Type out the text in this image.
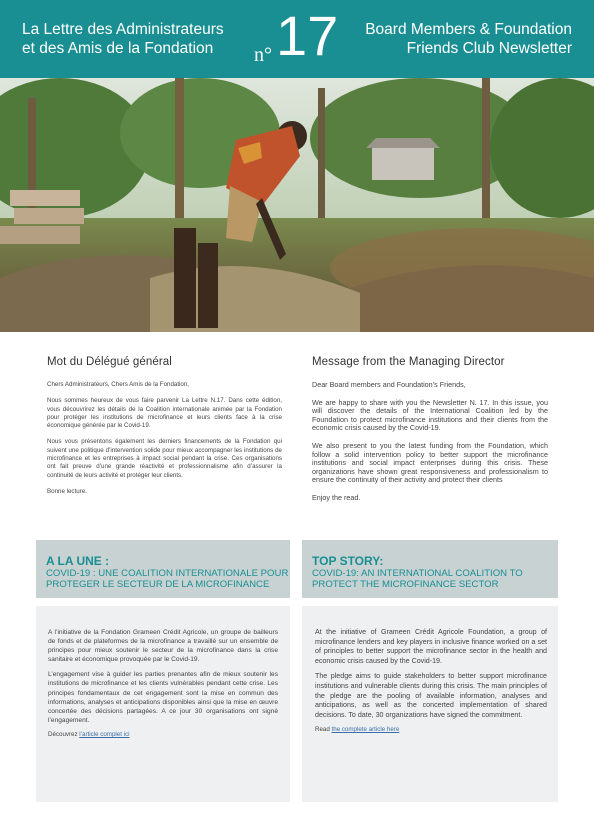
La Lettre des Administrateurs
et des Amis de la Fondation	n° 17	Board Members & Foundation
Friends Club Newsletter
Mot du Délégué général

Chers Administrateurs, Chers Amis de la Fondation,

Nous sommes heureux de vous faire parvenir La Lettre N.17. Dans cette édition, vous découvrirez les détails de la Coalition internationale animée par la Fondation pour protéger les institutions de microfinance et leurs clients face à la crise économique générée par le Covid-19.

Nous vous présentons également les derniers financements de la Fondation qui suivent une politique d’intervention solide pour mieux accompagner les institutions de microfinance et les entreprises à impact social pendant la crise. Ces organisations ont fait preuve d’une grande réactivité et professionnalisme afin d’assurer la continuité de leurs activité et protéger leur clients.

Bonne lecture.

Message from the Managing Director

Dear Board members and Foundation’s Friends,

We are happy to share with you the Newsletter N. 17. In this issue, you will discover the details of the International Coalition led by the Foundation to protect microfinance institutions and their clients from the economic crisis caused by the Covid-19.

We also present to you the latest funding from the Foundation, which follow a solid intervention policy to better support the microfinance institutions and social impact enterprises during this crisis. These organizations have shown great responsiveness and professionalism to ensure the continuity of their activity and protect their clients

Enjoy the read.

A LA UNE :
COVID-19 : UNE COALITION INTERNATIONALE POUR PROTEGER LE SECTEUR DE LA MICROFINANCE
TOP STORY:
COVID-19: AN INTERNATIONAL COALITION TO PROTECT THE MICROFINANCE SECTOR

A l’initiative de la Fondation Grameen Crédit Agricole, un groupe de bailleurs de fonds et de plateformes de la microfinance a travaillé sur un ensemble de principes pour mieux soutenir le secteur de la microfinance dans la crise sanitaire et économique provoquée par le Covid-19.

L’engagement vise à guider les parties prenantes afin de mieux soutenir les institutions de microfinance et les clients vulnérables pendant cette crise. Les principes fondamentaux de cet engagement sont la mise en commun des informations, analyses et anticipations disponibles ainsi que la mise en œuvre concertée des décisions partagées. A ce jour 30 organisations ont signé l’engagement.

Découvrez l’article complet ici

At the initiative of Grameen Crédit Agricole Foundation, a group of microfinance lenders and key players in inclusive finance worked on a set of principles to better support the microfinance sector in the health and economic crisis caused by the Covid-19.

The pledge aims to guide stakeholders to better support microfinance institutions and vulnerable clients during this crisis. The main principles of the pledge are the pooling of available information, analyses and anticipations, as well as the concerted implementation of shared decisions. To date, 30 organizations have signed the commitment.

Read the complete article here
